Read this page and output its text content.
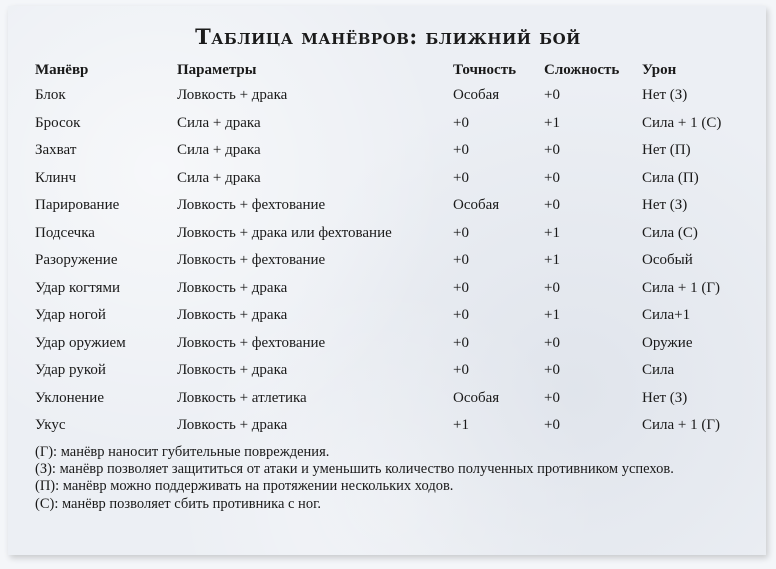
Таблица манёвров: ближний бой
Манёвр	Параметры	Точность	Сложность	Урон
Блок	Ловкость + драка	Особая	+0	Нет (З)
Бросок	Сила + драка	+0	+1	Сила + 1 (С)
Захват	Сила + драка	+0	+0	Нет (П)
Клинч	Сила + драка	+0	+0	Сила (П)
Парирование	Ловкость + фехтование	Особая	+0	Нет (З)
Подсечка	Ловкость + драка или фехтование	+0	+1	Сила (С)
Разоружение	Ловкость + фехтование	+0	+1	Особый
Удар когтями	Ловкость + драка	+0	+0	Сила + 1 (Г)
Удар ногой	Ловкость + драка	+0	+1	Сила+1
Удар оружием	Ловкость + фехтование	+0	+0	Оружие
Удар рукой	Ловкость + драка	+0	+0	Сила
Уклонение	Ловкость + атлетика	Особая	+0	Нет (З)
Укус	Ловкость + драка	+1	+0	Сила + 1 (Г)
(Г): манёвр наносит губительные повреждения.
(З): манёвр позволяет защититься от атаки и уменьшить количество полученных противником успехов.
(П): манёвр можно поддерживать на протяжении нескольких ходов.
(С): манёвр позволяет сбить противника с ног.
